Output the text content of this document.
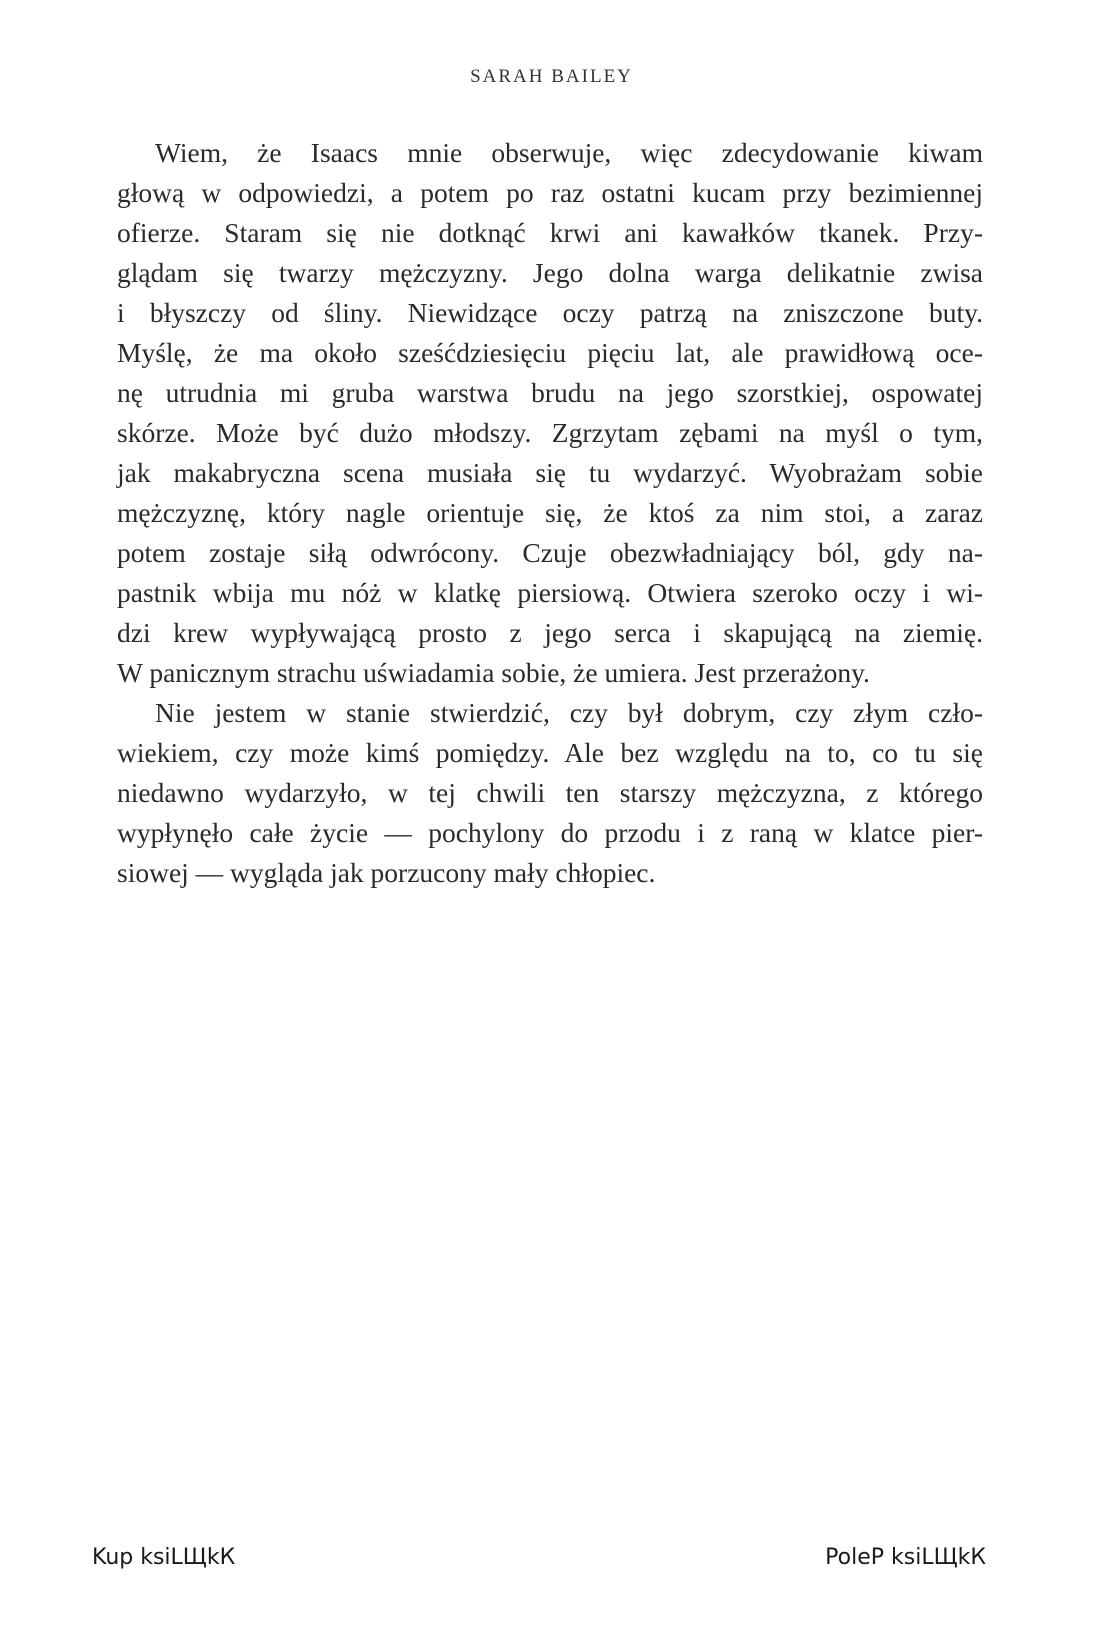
SARAH BAILEY
Wiem, że Isaacs mnie obserwuje, więc zdecydowanie kiwam
głową w odpowiedzi, a potem po raz ostatni kucam przy bezimiennej
ofierze. Staram się nie dotknąć krwi ani kawałków tkanek. Przy-
glądam się twarzy mężczyzny. Jego dolna warga delikatnie zwisa
i błyszczy od śliny. Niewidzące oczy patrzą na zniszczone buty.
Myślę, że ma około sześćdziesięciu pięciu lat, ale prawidłową oce-
nę utrudnia mi gruba warstwa brudu na jego szorstkiej, ospowatej
skórze. Może być dużo młodszy. Zgrzytam zębami na myśl o tym,
jak makabryczna scena musiała się tu wydarzyć. Wyobrażam sobie
mężczyznę, który nagle orientuje się, że ktoś za nim stoi, a zaraz
potem zostaje siłą odwrócony. Czuje obezwładniający ból, gdy na-
pastnik wbija mu nóż w klatkę piersiową. Otwiera szeroko oczy i wi-
dzi krew wypływającą prosto z jego serca i skapującą na ziemię.
W panicznym strachu uświadamia sobie, że umiera. Jest przerażony.
Nie jestem w stanie stwierdzić, czy był dobrym, czy złym czło-
wiekiem, czy może kimś pomiędzy. Ale bez względu na to, co tu się
niedawno wydarzyło, w tej chwili ten starszy mężczyzna, z którego
wypłynęło całe życie — pochylony do przodu i z raną w klatce pier-
siowej — wygląda jak porzucony mały chłopiec.
Kup ksiLЩkК	PoleP ksiLЩkК
